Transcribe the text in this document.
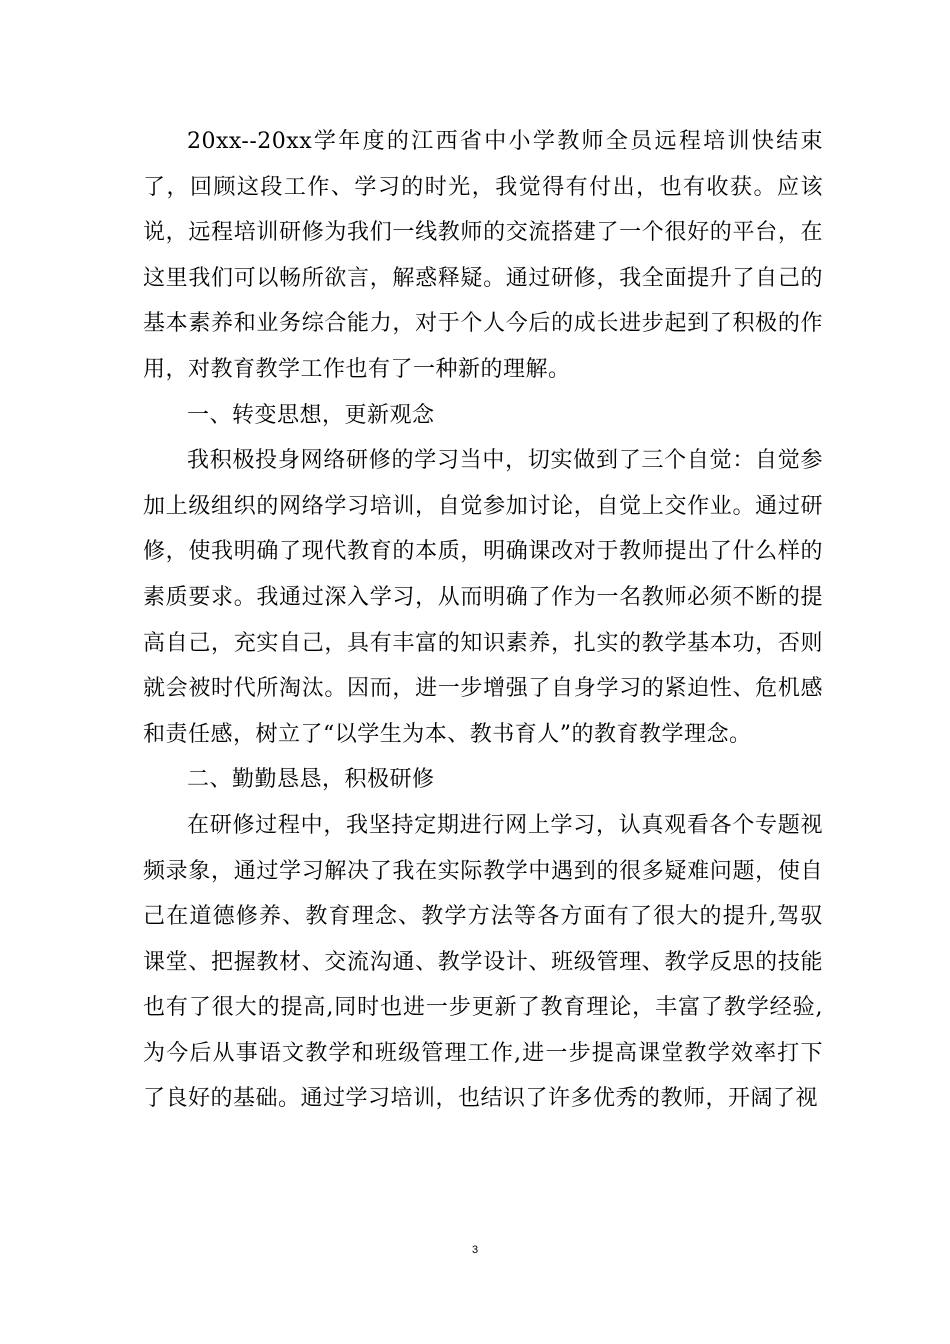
20xx--20xx学年度的江西省中小学教师全员远程培训快结束了，回顾这段工作、学习的时光，我觉得有付出，也有收获。应该说，远程培训研修为我们一线教师的交流搭建了一个很好的平台，在这里我们可以畅所欲言，解惑释疑。通过研修，我全面提升了自己的基本素养和业务综合能力，对于个人今后的成长进步起到了积极的作用，对教育教学工作也有了一种新的理解。

一、转变思想，更新观念

我积极投身网络研修的学习当中，切实做到了三个自觉：自觉参加上级组织的网络学习培训，自觉参加讨论，自觉上交作业。通过研修，使我明确了现代教育的本质，明确课改对于教师提出了什么样的素质要求。我通过深入学习，从而明确了作为一名教师必须不断的提高自己，充实自己，具有丰富的知识素养，扎实的教学基本功，否则就会被时代所淘汰。因而，进一步增强了自身学习的紧迫性、危机感和责任感，树立了“以学生为本、教书育人”的教育教学理念。

二、勤勤恳恳，积极研修

在研修过程中，我坚持定期进行网上学习，认真观看各个专题视频录象，通过学习解决了我在实际教学中遇到的很多疑难问题，使自己在道德修养、教育理念、教学方法等各方面有了很大的提升,驾驭课堂、把握教材、交流沟通、教学设计、班级管理、教学反思的技能也有了很大的提高,同时也进一步更新了教育理论，丰富了教学经验,为今后从事语文教学和班级管理工作,进一步提高课堂教学效率打下了良好的基础。通过学习培训，也结识了许多优秀的教师，开阔了视

3
